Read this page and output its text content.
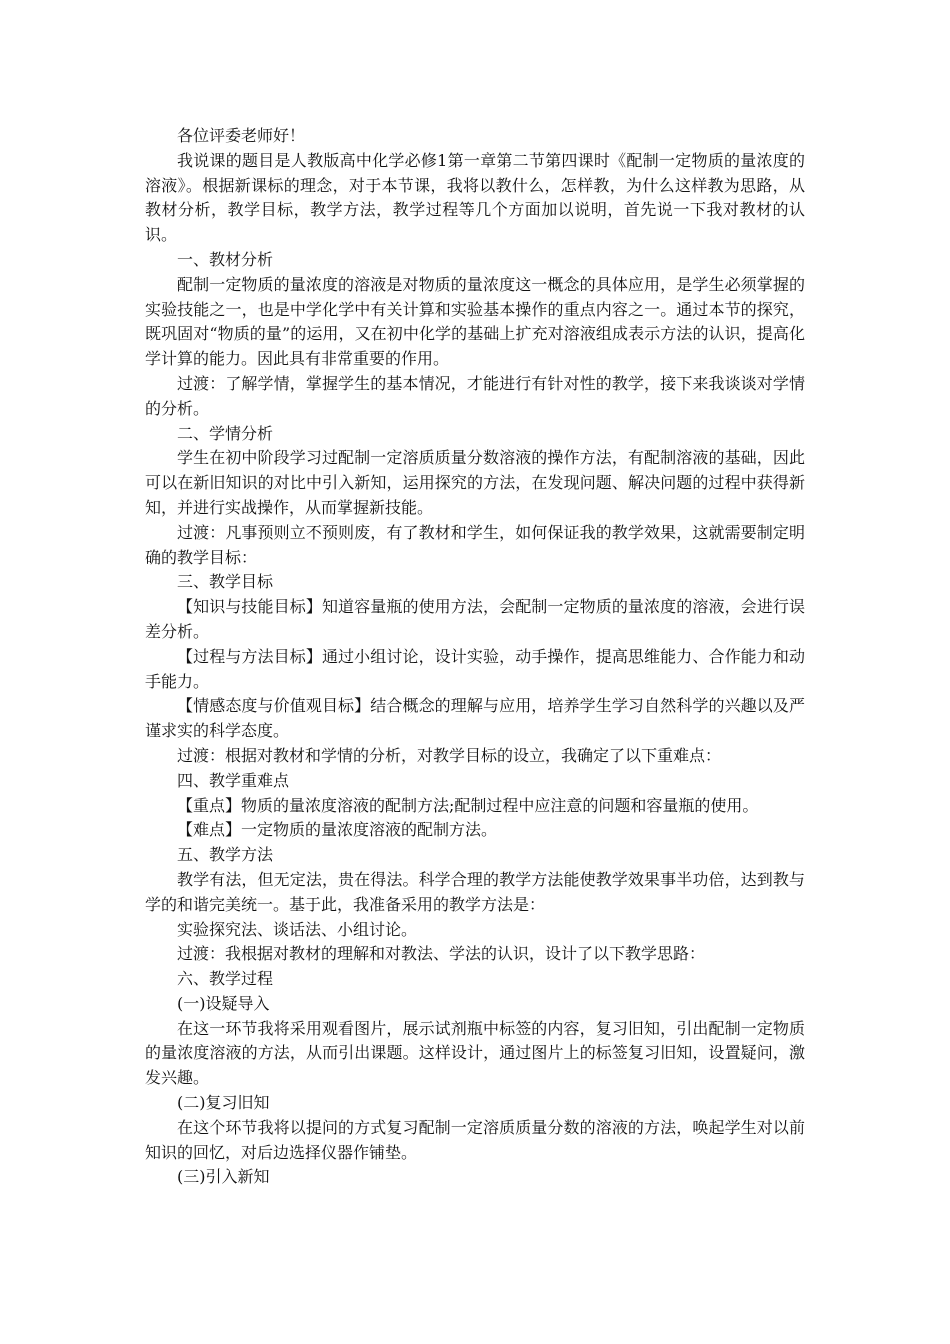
各位评委老师好！

我说课的题目是人教版高中化学必修1第一章第二节第四课时《配制一定物质的量浓度的溶液》。根据新课标的理念，对于本节课，我将以教什么，怎样教，为什么这样教为思路，从教材分析，教学目标，教学方法，教学过程等几个方面加以说明，首先说一下我对教材的认识。

一、教材分析

配制一定物质的量浓度的溶液是对物质的量浓度这一概念的具体应用，是学生必须掌握的实验技能之一，也是中学化学中有关计算和实验基本操作的重点内容之一。通过本节的探究，既巩固对“物质的量”的运用，又在初中化学的基础上扩充对溶液组成表示方法的认识，提高化学计算的能力。因此具有非常重要的作用。

过渡：了解学情，掌握学生的基本情况，才能进行有针对性的教学，接下来我谈谈对学情的分析。

二、学情分析

学生在初中阶段学习过配制一定溶质质量分数溶液的操作方法，有配制溶液的基础，因此可以在新旧知识的对比中引入新知，运用探究的方法，在发现问题、解决问题的过程中获得新知，并进行实战操作，从而掌握新技能。

过渡：凡事预则立不预则废，有了教材和学生，如何保证我的教学效果，这就需要制定明确的教学目标：

三、教学目标

【知识与技能目标】知道容量瓶的使用方法，会配制一定物质的量浓度的溶液，会进行误差分析。

【过程与方法目标】通过小组讨论，设计实验，动手操作，提高思维能力、合作能力和动手能力。

【情感态度与价值观目标】结合概念的理解与应用，培养学生学习自然科学的兴趣以及严谨求实的科学态度。

过渡：根据对教材和学情的分析，对教学目标的设立，我确定了以下重难点：

四、教学重难点

【重点】物质的量浓度溶液的配制方法;配制过程中应注意的问题和容量瓶的使用。

【难点】一定物质的量浓度溶液的配制方法。

五、教学方法

教学有法，但无定法，贵在得法。科学合理的教学方法能使教学效果事半功倍，达到教与学的和谐完美统一。基于此，我准备采用的教学方法是：

实验探究法、谈话法、小组讨论。

过渡：我根据对教材的理解和对教法、学法的认识，设计了以下教学思路：

六、教学过程

(一)设疑导入

在这一环节我将采用观看图片，展示试剂瓶中标签的内容，复习旧知，引出配制一定物质的量浓度溶液的方法，从而引出课题。这样设计，通过图片上的标签复习旧知，设置疑问，激发兴趣。

(二)复习旧知

在这个环节我将以提问的方式复习配制一定溶质质量分数的溶液的方法，唤起学生对以前知识的回忆，对后边选择仪器作铺垫。

(三)引入新知
